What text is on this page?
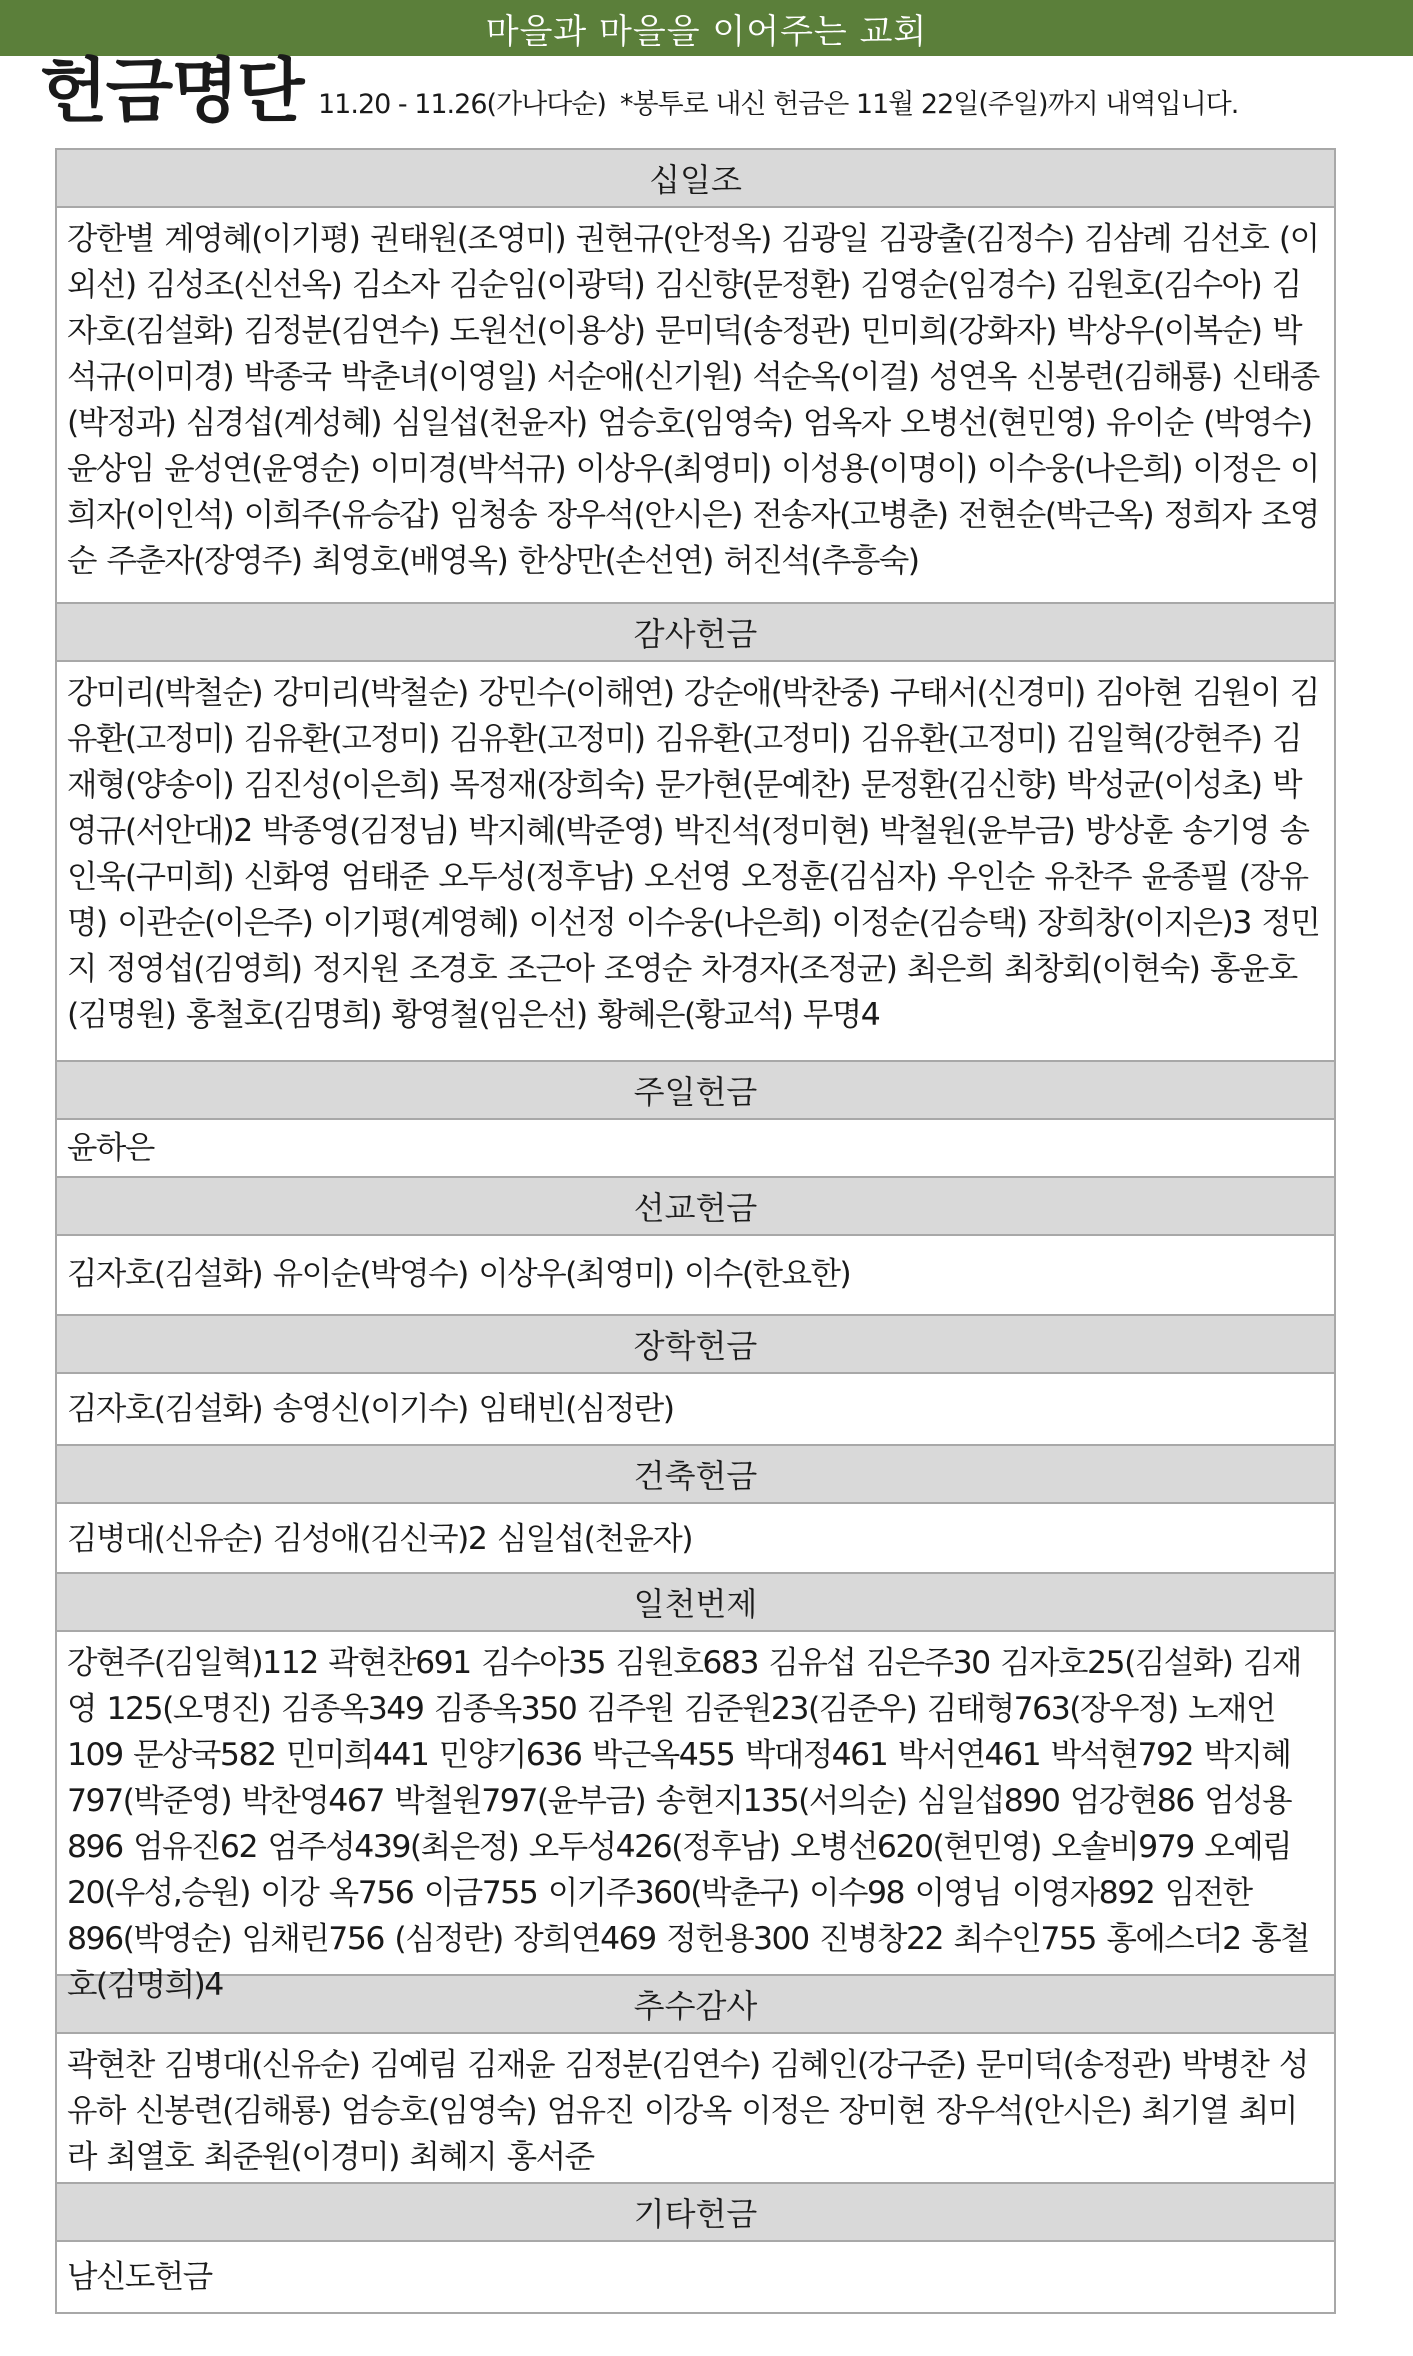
마을과 마을을 이어주는 교회
헌금명단 11.20 - 11.26(가나다순) *봉투로 내신 헌금은 11월 22일(주일)까지 내역입니다.
십일조
강한별 계영혜(이기평) 권태원(조영미) 권현규(안정옥) 김광일 김광출(김정수) 김삼례 김선호 (이외선) 김성조(신선옥) 김소자 김순임(이광덕) 김신향(문정환) 김영순(임경수) 김원호(김수아) 김자호(김설화) 김정분(김연수) 도원선(이용상) 문미덕(송정관) 민미희(강화자) 박상우(이복순) 박석규(이미경) 박종국 박춘녀(이영일) 서순애(신기원) 석순옥(이걸) 성연옥 신봉련(김해룡) 신태종(박정과) 심경섭(계성혜) 심일섭(천윤자) 엄승호(임영숙) 엄옥자 오병선(현민영) 유이순 (박영수) 윤상임 윤성연(윤영순) 이미경(박석규) 이상우(최영미) 이성용(이명이) 이수웅(나은희) 이정은 이희자(이인석) 이희주(유승갑) 임청송 장우석(안시은) 전송자(고병춘) 전현순(박근옥) 정희자 조영순 주춘자(장영주) 최영호(배영옥) 한상만(손선연) 허진석(추흥숙)
감사헌금
강미리(박철순) 강미리(박철순) 강민수(이해연) 강순애(박찬중) 구태서(신경미) 김아현 김원이 김유환(고정미) 김유환(고정미) 김유환(고정미) 김유환(고정미) 김유환(고정미) 김일혁(강현주) 김재형(양송이) 김진성(이은희) 목정재(장희숙) 문가현(문예찬) 문정환(김신향) 박성균(이성초) 박영규(서안대)2 박종영(김정님) 박지혜(박준영) 박진석(정미현) 박철원(윤부금) 방상훈 송기영 송인욱(구미희) 신화영 엄태준 오두성(정후남) 오선영 오정훈(김심자) 우인순 유찬주 윤종필 (장유명) 이관순(이은주) 이기평(계영혜) 이선정 이수웅(나은희) 이정순(김승택) 장희창(이지은)3 정민지 정영섭(김영희) 정지원 조경호 조근아 조영순 차경자(조정균) 최은희 최창회(이현숙) 홍윤호(김명원) 홍철호(김명희) 황영철(임은선) 황혜은(황교석) 무명4
주일헌금
윤하은
선교헌금
김자호(김설화) 유이순(박영수) 이상우(최영미) 이수(한요한)
장학헌금
김자호(김설화) 송영신(이기수) 임태빈(심정란)
건축헌금
김병대(신유순) 김성애(김신국)2 심일섭(천윤자)
일천번제
강현주(김일혁)112 곽현찬691 김수아35 김원호683 김유섭 김은주30 김자호25(김설화) 김재영 125(오명진) 김종옥349 김종옥350 김주원 김준원23(김준우) 김태형763(장우정) 노재언109 문상국582 민미희441 민양기636 박근옥455 박대정461 박서연461 박석현792 박지혜797(박준영) 박찬영467 박철원797(윤부금) 송현지135(서의순) 심일섭890 엄강현86 엄성용896 엄유진62 엄주성439(최은정) 오두성426(정후남) 오병선620(현민영) 오솔비979 오예림20(우성,승원) 이강 옥756 이금755 이기주360(박춘구) 이수98 이영님 이영자892 임전한896(박영순) 임채린756 (심정란) 장희연469 정헌용300 진병창22 최수인755 홍에스더2 홍철호(김명희)4
추수감사
곽현찬 김병대(신유순) 김예림 김재윤 김정분(김연수) 김혜인(강구준) 문미덕(송정관) 박병찬 성유하 신봉련(김해룡) 엄승호(임영숙) 엄유진 이강옥 이정은 장미현 장우석(안시은) 최기열 최미라 최열호 최준원(이경미) 최혜지 홍서준
기타헌금
남신도헌금
